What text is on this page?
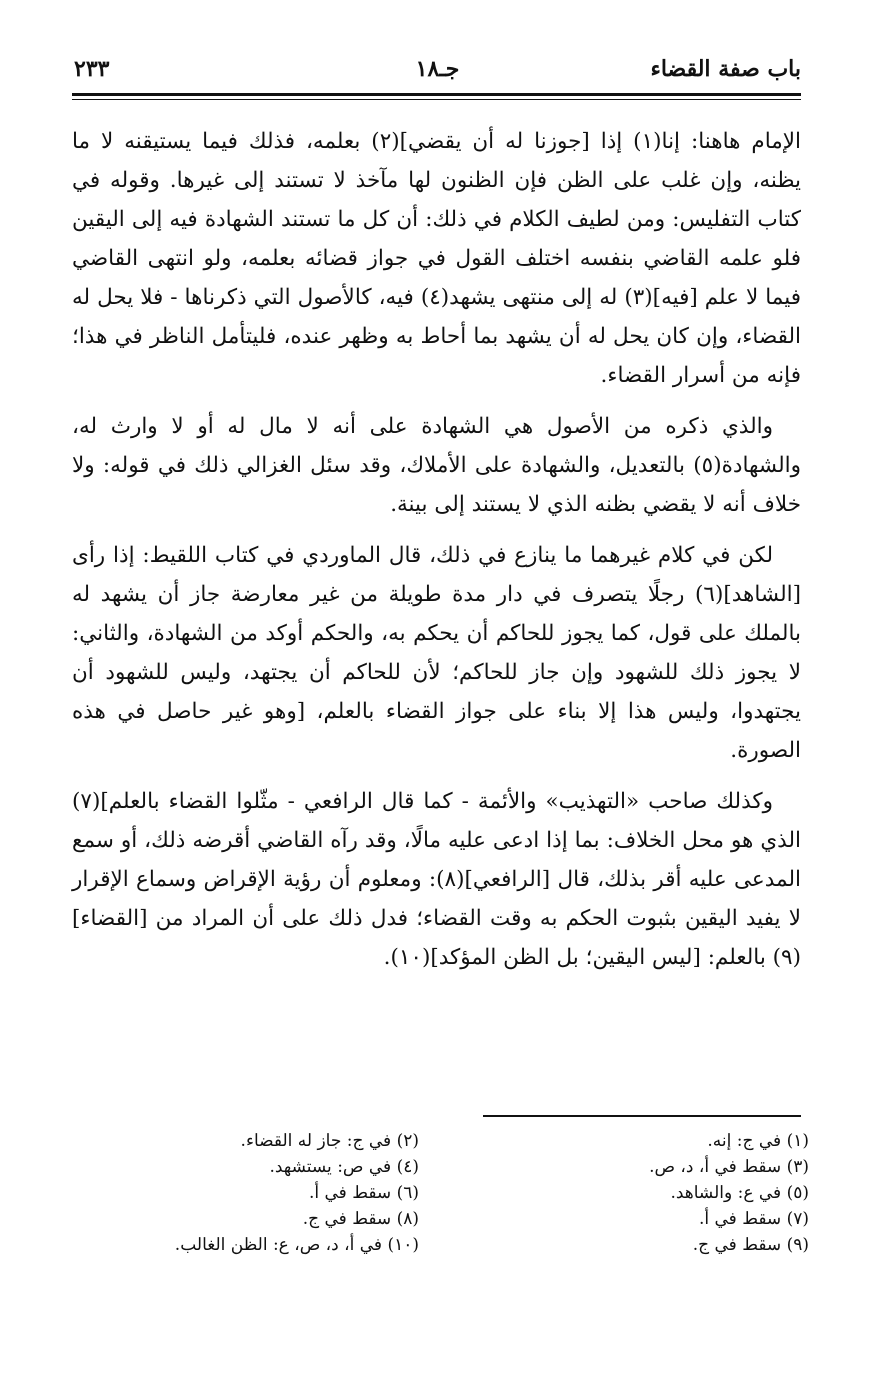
باب صفة القضاء
جـ١٨
٢٣٣

الإمام هاهنا: إنا(١) إذا [جوزنا له أن يقضي](٢) بعلمه، فذلك فيما يستيقنه لا ما يظنه، وإن غلب على الظن فإن الظنون لها مآخذ لا تستند إلى غيرها. وقوله في كتاب التفليس: ومن لطيف الكلام في ذلك: أن كل ما تستند الشهادة فيه إلى اليقين فلو علمه القاضي بنفسه اختلف القول في جواز قضائه بعلمه، ولو انتهى القاضي فيما لا علم [فيه](٣) له إلى منتهى يشهد(٤) فيه، كالأصول التي ذكرناها - فلا يحل له القضاء، وإن كان يحل له أن يشهد بما أحاط به وظهر عنده، فليتأمل الناظر في هذا؛ فإنه من أسرار القضاء.

والذي ذكره من الأصول هي الشهادة على أنه لا مال له أو لا وارث له، والشهادة(٥) بالتعديل، والشهادة على الأملاك، وقد سئل الغزالي ذلك في قوله: ولا خلاف أنه لا يقضي بظنه الذي لا يستند إلى بينة.

لكن في كلام غيرهما ما ينازع في ذلك، قال الماوردي في كتاب اللقيط: إذا رأى [الشاهد](٦) رجلًا يتصرف في دار مدة طويلة من غير معارضة جاز أن يشهد له بالملك على قول، كما يجوز للحاكم أن يحكم به، والحكم أوكد من الشهادة، والثاني: لا يجوز ذلك للشهود وإن جاز للحاكم؛ لأن للحاكم أن يجتهد، وليس للشهود أن يجتهدوا، وليس هذا إلا بناء على جواز القضاء بالعلم، [وهو غير حاصل في هذه الصورة.

وكذلك صاحب «التهذيب» والأئمة - كما قال الرافعي - مثّلوا القضاء بالعلم](٧) الذي هو محل الخلاف: بما إذا ادعى عليه مالًا، وقد رآه القاضي أقرضه ذلك، أو سمع المدعى عليه أقر بذلك، قال [الرافعي](٨): ومعلوم أن رؤية الإقراض وسماع الإقرار لا يفيد اليقين بثبوت الحكم به وقت القضاء؛ فدل ذلك على أن المراد من [القضاء](٩) بالعلم: [ليس اليقين؛ بل الظن المؤكد](١٠).

(١) في ج: إنه.
(٣) سقط في أ، د، ص.
(٥) في ع: والشاهد.
(٧) سقط في أ.
(٩) سقط في ج.
(٢) في ج: جاز له القضاء.
(٤) في ص: يستشهد.
(٦) سقط في أ.
(٨) سقط في ج.
(١٠) في أ، د، ص، ع: الظن الغالب.
